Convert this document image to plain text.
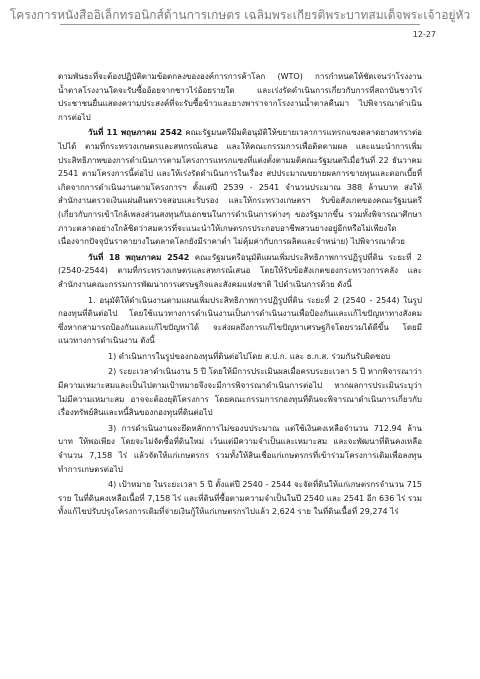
โครงการหนังสืออิเล็กทรอนิกส์ด้านการเกษตร เฉลิมพระเกียรติพระบาทสมเด็จพระเจ้าอยู่หัว
12-27

ตามพันธะที่จะต้องปฏิบัติตามข้อตกลงขององค์การการค้าโลก (WTO) การกำหนดให้ชัดเจนว่าโรงงานน้ำตาลโรงงานใดจะรับซื้ออ้อยจากชาวไร่อ้อยรายใด และเร่งรัดดำเนินการเกี่ยวกับการที่สถาบันชาวไร่ประชาชนยื่นแสดงความประสงค์ที่จะรับซื้อข้าวและยางพาราจากโรงงานน้ำตาลคืนมา ไปพิจารณาดำเนินการต่อไป

วันที่ 11 พฤษภาคม 2542 คณะรัฐมนตรีมีมติอนุมัติให้ขยายเวลาการแทรกแซงตลาดยางพาราต่อไปได้ ตามที่กระทรวงเกษตรและสหกรณ์เสนอ และให้คณะกรรมการเพื่อติดตามผล และแนะนำการเพิ่มประสิทธิภาพของการดำเนินการตามโครงการแทรกแซงที่แต่งตั้งตามมติคณะรัฐมนตรีเมื่อวันที่ 22 ธันวาคม 2541 ตามโครงการนี้ต่อไป และให้เร่งรัดดำเนินการในเรื่อง สปประมาณขยายผลการขายทุนและดอกเบี้ยที่เกิดจากการดำเนินงานตามโครงการฯ ตั้งแต่ปี 2539 - 2541 จำนวนประมาณ 388 ล้านบาท ส่งให้สำนักงานตรวจเงินแผ่นดินตรวจสอบและรับรอง และให้กระทรวงเกษตรฯ รับข้อสังเกตของคณะรัฐมนตรี (เกี่ยวกับการเข้าใกล้เพลงส่วนสงทุนกับเอกชนในการดำเนินการต่างๆ ของรัฐมากขึ้น รวมทั้งพิจารณาศึกษาภาวะตลาดอย่างใกล้ชิดว่าสมควรที่จะแนะนำให้เกษตรกรประกอบอาชีพสวนยางอยู่อีกหรือไม่เพียงใด เนื่องจากปัจจุบันราคายางในตลาดโลกยังมีราคาต่ำ ไม่คุ้มค่ากับการผลิตและจำหน่าย) ไปพิจารณาด้วย

วันที่ 18 พฤษภาคม 2542 คณะรัฐมนตรีอนุมัติแผนเพิ่มประสิทธิภาพการปฏิรูปที่ดิน ระยะที่ 2 (2540-2544) ตามที่กระทรวงเกษตรและสหกรณ์เสนอ โดยให้รับข้อสังเกตของกระทรวงการคลัง และสำนักงานคณะกรรมการพัฒนาการเศรษฐกิจและสังคมแห่งชาติ ไปดำเนินการด้วย ดังนี้

1. อนุมัติให้ดำเนินงานตามแผนเพิ่มประสิทธิภาพการปฏิรูปที่ดิน ระยะที่ 2 (2540 - 2544) ในรูปกองทุนที่ดินต่อไป โดยใช้แนวทางการดำเนินงานเป็นการดำเนินงานเพื่อป้องกันและแก้ไขปัญหาทางสังคม ซึ่งหากสามารถป้องกันและแก้ไขปัญหาได้ จะส่งผลถึงการแก้ไขปัญหาเศรษฐกิจโดยรวมได้ดีขึ้น โดยมีแนวทางการดำเนินงาน ดังนี้

1) ดำเนินการในรูปของกองทุนที่ดินต่อไปโดย ส.ป.ก. และ ธ.ก.ส. ร่วมกันรับผิดชอบ

2) ระยะเวลาดำเนินงาน 5 ปี โดยให้มีการประเมินผลเมื่อครบระยะเวลา 5 ปี หากพิจารณาว่ามีความเหมาะสมและเป็นไปตามเป้าหมายจึงจะมีการพิจารณาดำเนินการต่อไป หากผลการประเมินระบุว่าไม่มีความเหมาะสม อาจจะต้องยุติโครงการ โดยคณะกรรมการกองทุนที่ดินจะพิจารณาดำเนินการเกี่ยวกับเรื่องทรัพย์สินและหนี้สินของกองทุนที่ดินต่อไป

3) การดำเนินงานจะยึดหลักการไม่ของบประมาณ แต่ใช้เงินคงเหลือจำนวน 712.94 ล้านบาท ให้พอเพียง โดยจะไม่จัดซื้อที่ดินใหม่ เว้นแต่มีความจำเป็นและเหมาะสม และจะพัฒนาที่ดินคงเหลือจำนวน 7,158 ไร่ แล้วจัดให้แก่เกษตรกร รวมทั้งให้สินเชื่อแก่เกษตรกรที่เข้าร่วมโครงการเดิมเพื่อลงทุนทำการเกษตรต่อไป

4) เป้าหมาย ในระยะเวลา 5 ปี ตั้งแต่ปี 2540 - 2544 จะจัดที่ดินให้แก่เกษตรกรจำนวน 715 ราย ในที่ดินคงเหลือเนื้อที่ 7,158 ไร่ และที่ดินที่ซื้อตามความจำเป็นในปี 2540 และ 2541 อีก 636 ไร่ รวมทั้งแก้ไขปรับปรุงโครงการเดิมที่จ่ายเงินกู้ให้แก่เกษตรกรไปแล้ว 2,624 ราย ในที่ดินเนื้อที่ 29,274 ไร่
